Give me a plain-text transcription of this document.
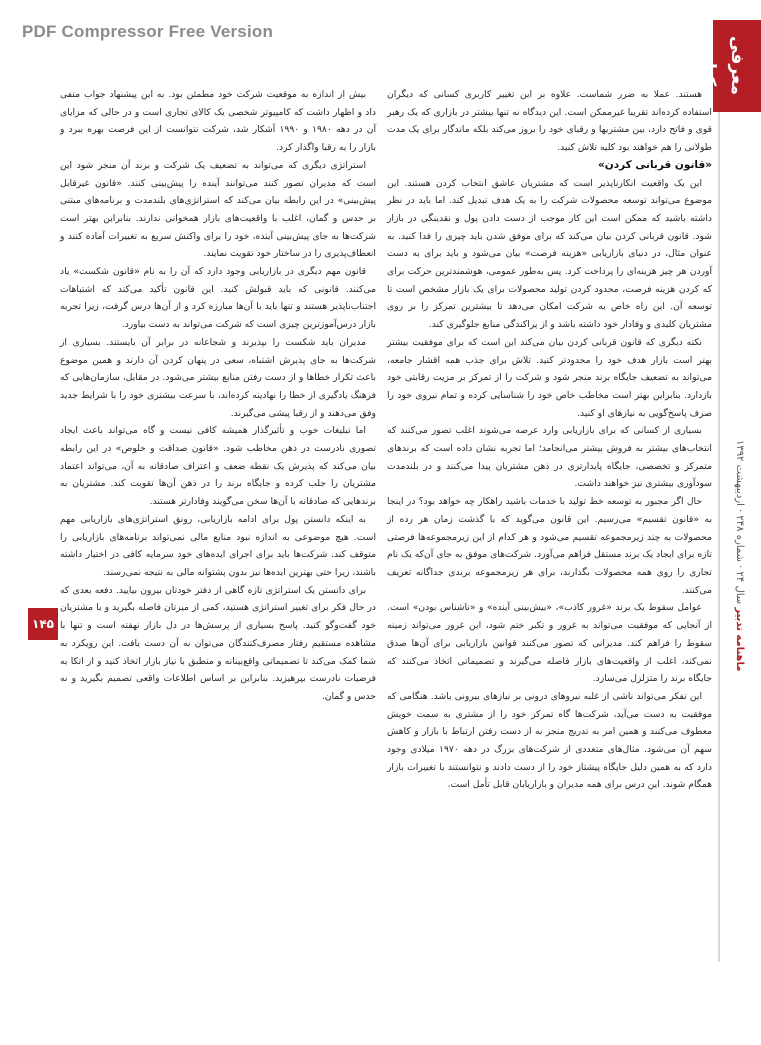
PDF Compressor Free Version
معرفی کتاب
ماهنامه تدبیر سال ۲۴ · شماره ۲۴۸ · اردیبهشت ۱۳۹۲
۱۴۵

هستند. عملا به ضرر شماست. علاوه بر این تغییر کاربری کسانی که دیگران استفاده کرده‌اند تقریبا غیرممکن است. این دیدگاه نه تنها بیشتر در بازاری که یک رهبر قوی و فاتح دارد، بین مشتریها و رقبای خود را بروز می‌کند بلکه ماندگار برای یک مدت طولانی را هم خواهند بود کلیه تلاش کنید.

«قانون قربانی کردن»

این یک واقعیت انکارناپذیر است که مشتریان عاشق انتخاب کردن هستند. این موضوع می‌تواند توسعه محصولات شرکت را به یک هدف تبدیل کند. اما باید در نظر داشته باشید که ممکن است این کار موجب از دست دادن پول و نقدینگی در بازار شود. قانون قربانی کردن بیان می‌کند که برای موفق شدن باید چیزی را فدا کنید. به عنوان مثال، در دنیای بازاریابی «هزینه فرصت» بیان می‌شود و باید برای به دست آوردن هر چیز هزینه‌ای را پرداخت کرد. پس به‌طور عمومی، هوشمندترین حرکت برای که کردن هزینه فرصت، محدود کردن تولید محصولات برای یک بازار مشخص است تا توسعه آن. این راه خاص به شرکت امکان می‌دهد تا بیشترین تمرکز را بر روی مشتریان کلیدی و وفادار خود داشته باشد و از پراکندگی منابع جلوگیری کند.

نکته دیگری که قانون قربانی کردن بیان می‌کند این است که برای موفقیت بیشتر بهتر است بازار هدف خود را محدودتر کنید. تلاش برای جذب همه اقشار جامعه، می‌تواند به تضعیف جایگاه برند منجر شود و شرکت را از تمرکز بر مزیت رقابتی خود بازدارد. بنابراین بهتر است مخاطب خاص خود را شناسایی کرده و تمام نیروی خود را صرف پاسخ‌گویی به نیازهای او کنید.

بسیاری از کسانی که برای بازاریابی وارد عرصه می‌شوند اغلب تصور می‌کنند که انتخاب‌های بیشتر به فروش بیشتر می‌انجامد؛ اما تجربه نشان داده است که برندهای متمرکز و تخصصی، جایگاه پایدارتری در ذهن مشتریان پیدا می‌کنند و در بلندمدت سودآوری بیشتری نیز خواهند داشت.

حال اگر مجبور به توسعه خط تولید با خدمات باشید راهکار چه خواهد بود؟ در اینجا به «قانون تقسیم» می‌رسیم. این قانون می‌گوید که با گذشت زمان هر رده از محصولات به چند زیرمجموعه تقسیم می‌شود و هر کدام از این زیرمجموعه‌ها فرصتی تازه برای ایجاد یک برند مستقل فراهم می‌آورد. شرکت‌های موفق به جای آن‌که یک نام تجاری را روی همه محصولات بگذارند، برای هر زیرمجموعه برندی جداگانه تعریف می‌کنند.

عوامل سقوط یک برند «غرور کاذب»، «بیش‌بینی آینده» و «ناشناس بودن» است. از آنجایی که موفقیت می‌تواند به غرور و تکبر ختم شود، این غرور می‌تواند زمینه سقوط را فراهم کند. مدیرانی که تصور می‌کنند قوانین بازاریابی برای آن‌ها صدق نمی‌کند، اغلب از واقعیت‌های بازار فاصله می‌گیرند و تصمیماتی اتخاذ می‌کنند که جایگاه برند را متزلزل می‌سازد.

این تفکر می‌تواند ناشی از غلبه نیروهای درونی بر نیازهای بیرونی باشد. هنگامی که موفقیت به دست می‌آید، شرکت‌ها گاه تمرکز خود را از مشتری به سمت خویش معطوف می‌کنند و همین امر به تدریج منجر به از دست رفتن ارتباط با بازار و کاهش سهم آن می‌شود. مثال‌های متعددی از شرکت‌های بزرگ در دهه ۱۹۷۰ میلادی وجود دارد که به همین دلیل جایگاه پیشتاز خود را از دست دادند و نتوانستند با تغییرات بازار همگام شوند. این درس برای همه مدیران و بازاریابان قابل تأمل است.

بیش از اندازه به موقعیت شرکت خود مطمئن بود. به این پیشنهاد جواب منفی داد و اظهار داشت که کامپیوتر شخصی یک کالای تجاری است و در حالی که مزایای آن در دهه ۱۹۸۰ و ۱۹۹۰ آشکار شد، شرکت نتوانست از این فرصت بهره ببرد و بازار را به رقبا واگذار کرد.

استراتژی دیگری که می‌تواند به تضعیف یک شرکت و برند آن منجر شود این است که مدیران تصور کنند می‌توانند آینده را پیش‌بینی کنند. «قانون غیرقابل پیش‌بینی» در این رابطه بیان می‌کند که استراتژی‌های بلندمدت و برنامه‌های مبتنی بر حدس و گمان، اغلب با واقعیت‌های بازار همخوانی ندارند. بنابراین بهتر است شرکت‌ها به جای پیش‌بینی آینده، خود را برای واکنش سریع به تغییرات آماده کنند و انعطاف‌پذیری را در ساختار خود تقویت نمایند.

قانون مهم دیگری در بازاریابی وجود دارد که آن را به نام «قانون شکست» یاد می‌کنند. قانونی که باید قبولش کنید. این قانون تأکید می‌کند که اشتباهات اجتناب‌ناپذیر هستند و تنها باید با آن‌ها مبارزه کرد و از آن‌ها درس گرفت، زیرا تجربه بازار درس‌آموزترین چیزی است که شرکت می‌تواند به دست بیاورد.

مدیران باید شکست را بپذیرند و شجاعانه در برابر آن بایستند. بسیاری از شرکت‌ها به جای پذیرش اشتباه، سعی در پنهان کردن آن دارند و همین موضوع باعث تکرار خطاها و از دست رفتن منابع بیشتر می‌شود. در مقابل، سازمان‌هایی که فرهنگ یادگیری از خطا را نهادینه کرده‌اند، با سرعت بیشتری خود را با شرایط جدید وفق می‌دهند و از رقبا پیشی می‌گیرند.

اما تبلیغات خوب و تأثیرگذار همیشه کافی نیست و گاه می‌تواند باعث ایجاد تصوری نادرست در ذهن مخاطب شود. «قانون صداقت و خلوص» در این رابطه بیان می‌کند که پذیرش یک نقطه ضعف و اعتراف صادقانه به آن، می‌تواند اعتماد مشتریان را جلب کرده و جایگاه برند را در ذهن آن‌ها تقویت کند. مشتریان به برندهایی که صادقانه با آن‌ها سخن می‌گویند وفادارتر هستند.

به اینکه دانستن پول برای ادامه بازاریابی، رونق استراتژی‌های بازاریابی مهم است. هیچ موضوعی به اندازه نبود منابع مالی نمی‌تواند برنامه‌های بازاریابی را متوقف کند. شرکت‌ها باید برای اجرای ایده‌های خود سرمایه کافی در اختیار داشته باشند، زیرا حتی بهترین ایده‌ها نیز بدون پشتوانه مالی به نتیجه نمی‌رسند.

برای دانستن یک استراتژی تازه گاهی از دفتر خودتان بیرون بیایید. دفعه بعدی که در حال فکر برای تغییر استراتژی هستید، کمی از میزتان فاصله بگیرید و با مشتریان خود گفت‌وگو کنید. پاسخ بسیاری از پرسش‌ها در دل بازار نهفته است و تنها با مشاهده مستقیم رفتار مصرف‌کنندگان می‌توان به آن دست یافت. این رویکرد به شما کمک می‌کند تا تصمیماتی واقع‌بینانه و منطبق با نیاز بازار اتخاذ کنید و از اتکا به فرضیات نادرست بپرهیزید. بنابراین بر اساس اطلاعات واقعی تصمیم بگیرید و نه حدس و گمان.
